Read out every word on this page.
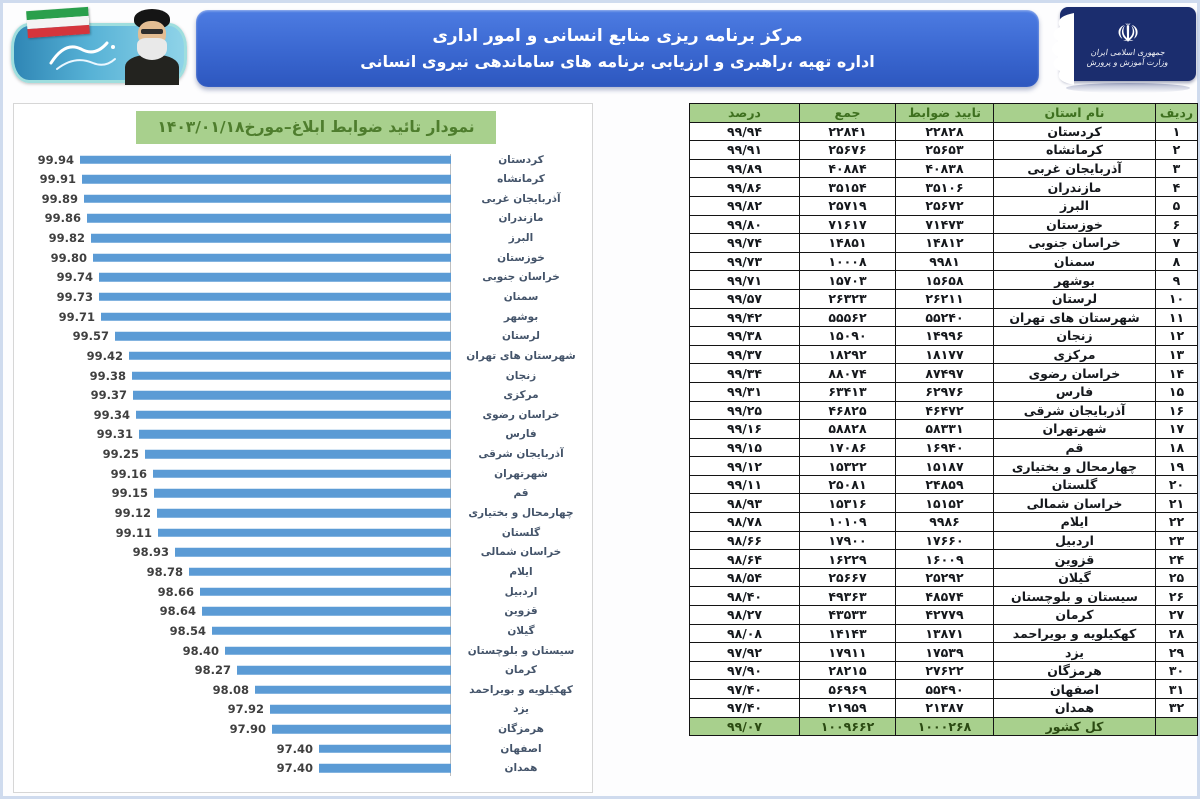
مرکز برنامه ریزی منابع انسانی و امور اداری
اداره تهیه ،راهبری و ارزیابی برنامه های ساماندهی نیروی انسانی
☫
جمهوری اسلامی ایران
وزارت آموزش و پرورش
نمودار تائید ضوابط ابلاغ–مورخ۱۴۰۳/۰۱/۱۸
99.94	کردستان
99.91	کرمانشاه
99.89	آذربایجان غربی
99.86	مازندران
99.82	البرز
99.80	خوزستان
99.74	خراسان جنوبی
99.73	سمنان
99.71	بوشهر
99.57	لرستان
99.42	شهرستان های تهران
99.38	زنجان
99.37	مرکزی
99.34	خراسان رضوی
99.31	فارس
99.25	آذربایجان شرقی
99.16	شهرتهران
99.15	قم
99.12	چهارمحال و بختیاری
99.11	گلستان
98.93	خراسان شمالی
98.78	ایلام
98.66	اردبیل
98.64	قزوین
98.54	گیلان
98.40	سیستان و بلوچستان
98.27	کرمان
98.08	کهکیلویه و بویراحمد
97.92	یزد
97.90	هرمزگان
97.40	اصفهان
97.40	همدان
ردیف	نام استان	تایید ضوابط	جمع	درصد
۱	کردستان	۲۲۸۲۸	۲۲۸۴۱	۹۹/۹۴
۲	کرمانشاه	۲۵۶۵۳	۲۵۶۷۶	۹۹/۹۱
۳	آذربایجان غربی	۴۰۸۳۸	۴۰۸۸۴	۹۹/۸۹
۴	مازندران	۳۵۱۰۶	۳۵۱۵۴	۹۹/۸۶
۵	البرز	۲۵۶۷۲	۲۵۷۱۹	۹۹/۸۲
۶	خوزستان	۷۱۴۷۳	۷۱۶۱۷	۹۹/۸۰
۷	خراسان جنوبی	۱۴۸۱۲	۱۴۸۵۱	۹۹/۷۴
۸	سمنان	۹۹۸۱	۱۰۰۰۸	۹۹/۷۳
۹	بوشهر	۱۵۶۵۸	۱۵۷۰۳	۹۹/۷۱
۱۰	لرستان	۲۶۲۱۱	۲۶۳۲۳	۹۹/۵۷
۱۱	شهرستان های تهران	۵۵۲۴۰	۵۵۵۶۲	۹۹/۴۲
۱۲	زنجان	۱۴۹۹۶	۱۵۰۹۰	۹۹/۳۸
۱۳	مرکزی	۱۸۱۷۷	۱۸۲۹۲	۹۹/۳۷
۱۴	خراسان رضوی	۸۷۴۹۷	۸۸۰۷۴	۹۹/۳۴
۱۵	فارس	۶۲۹۷۶	۶۳۴۱۳	۹۹/۳۱
۱۶	آذربایجان شرقی	۴۶۴۷۲	۴۶۸۲۵	۹۹/۲۵
۱۷	شهرتهران	۵۸۳۳۱	۵۸۸۲۸	۹۹/۱۶
۱۸	قم	۱۶۹۴۰	۱۷۰۸۶	۹۹/۱۵
۱۹	چهارمحال و بختیاری	۱۵۱۸۷	۱۵۳۲۲	۹۹/۱۲
۲۰	گلستان	۲۴۸۵۹	۲۵۰۸۱	۹۹/۱۱
۲۱	خراسان شمالی	۱۵۱۵۲	۱۵۳۱۶	۹۸/۹۳
۲۲	ایلام	۹۹۸۶	۱۰۱۰۹	۹۸/۷۸
۲۳	اردبیل	۱۷۶۶۰	۱۷۹۰۰	۹۸/۶۶
۲۴	قزوین	۱۶۰۰۹	۱۶۲۲۹	۹۸/۶۴
۲۵	گیلان	۲۵۲۹۲	۲۵۶۶۷	۹۸/۵۴
۲۶	سیستان و بلوچستان	۴۸۵۷۴	۴۹۳۶۳	۹۸/۴۰
۲۷	کرمان	۴۲۷۷۹	۴۳۵۳۳	۹۸/۲۷
۲۸	کهکیلویه و بویراحمد	۱۳۸۷۱	۱۴۱۴۳	۹۸/۰۸
۲۹	یزد	۱۷۵۳۹	۱۷۹۱۱	۹۷/۹۲
۳۰	هرمزگان	۲۷۶۲۲	۲۸۲۱۵	۹۷/۹۰
۳۱	اصفهان	۵۵۴۹۰	۵۶۹۶۹	۹۷/۴۰
۳۲	همدان	۲۱۳۸۷	۲۱۹۵۹	۹۷/۴۰
	کل کشور	۱۰۰۰۲۶۸	۱۰۰۹۶۶۲	۹۹/۰۷
